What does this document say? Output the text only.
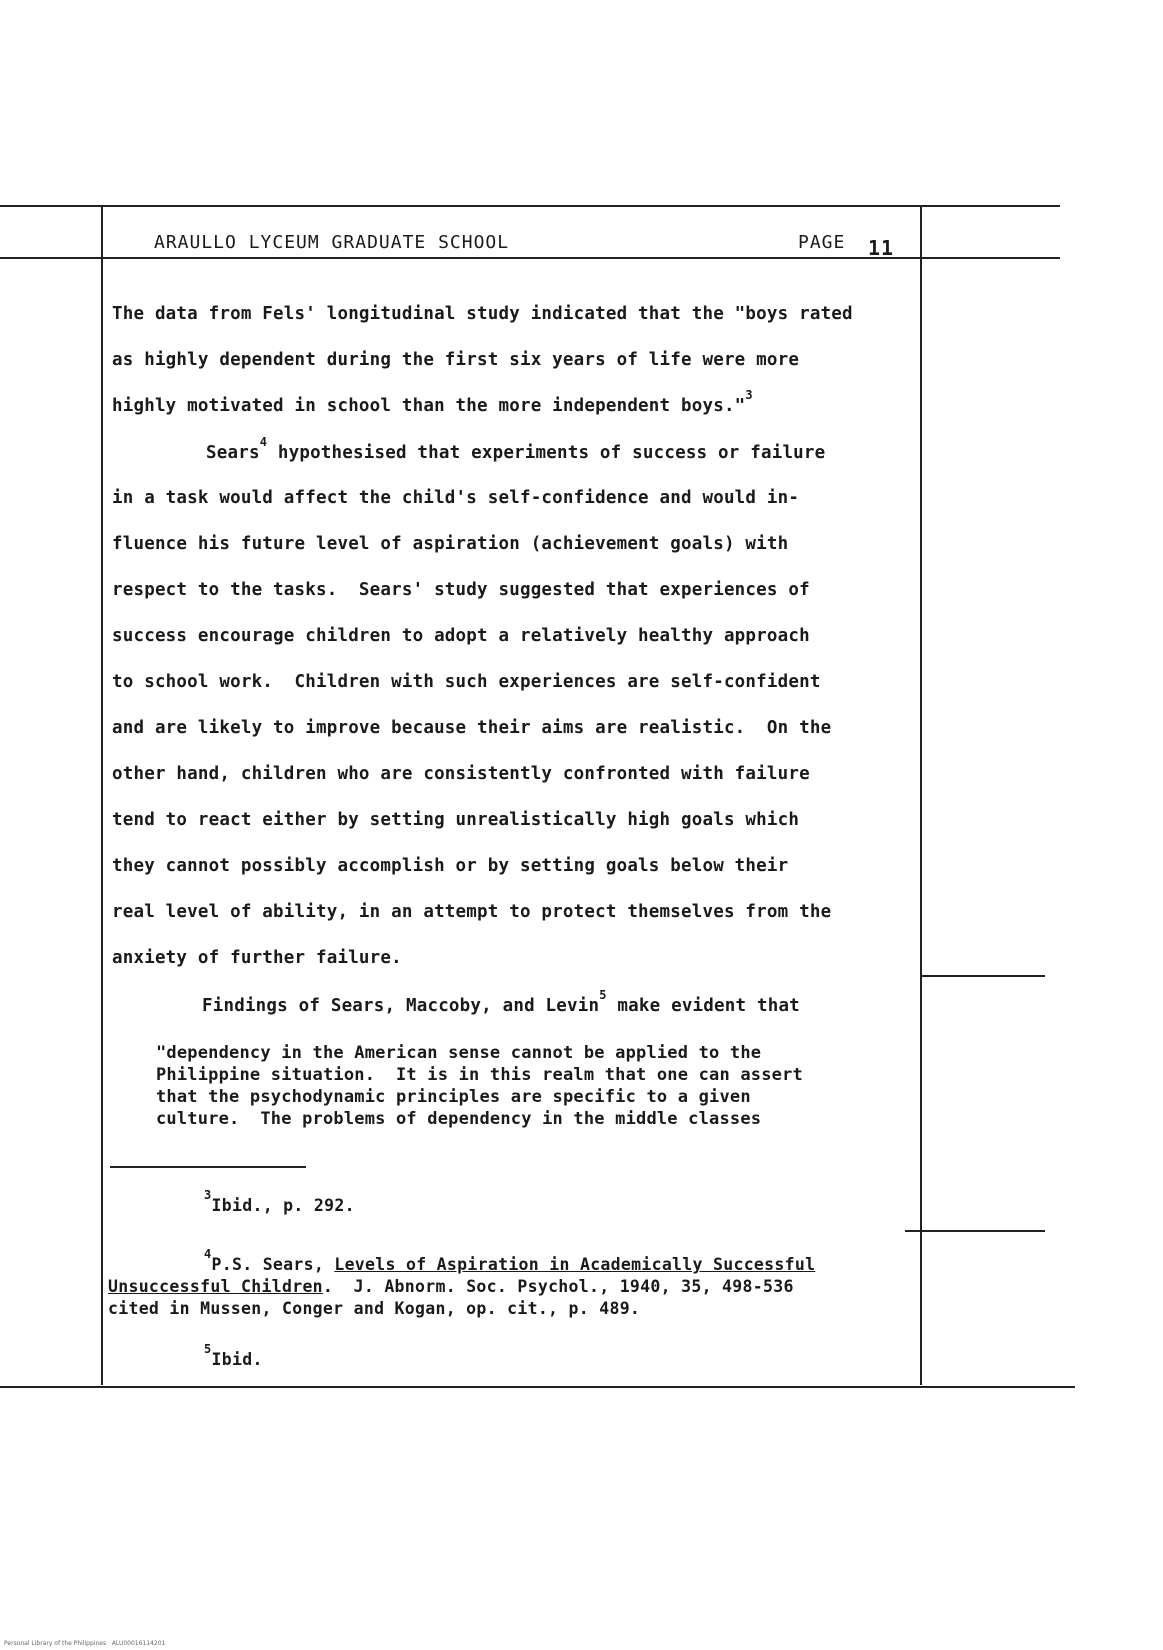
ARAULLO LYCEUM GRADUATE SCHOOL	PAGE 11
The data from Fels' longitudinal study indicated that the "boys rated
as highly dependent during the first six years of life were more
highly motivated in school than the more independent boys."$^3$
Sears$^4$ hypothesised that experiments of success or failure
in a task would affect the child's self-confidence and would in-
fluence his future level of aspiration (achievement goals) with
respect to the tasks.  Sears' study suggested that experiences of
success encourage children to adopt a relatively healthy approach
to school work.  Children with such experiences are self-confident
and are likely to improve because their aims are realistic.  On the
other hand, children who are consistently confronted with failure
tend to react either by setting unrealistically high goals which
they cannot possibly accomplish or by setting goals below their
real level of ability, in an attempt to protect themselves from the
anxiety of further failure.
Findings of Sears, Maccoby, and Levin$^5$ make evident that
"dependency in the American sense cannot be applied to the
Philippine situation.  It is in this realm that one can assert
that the psychodynamic principles are specific to a given
culture.  The problems of dependency in the middle classes
$^3$Ibid., p. 292.
$^4$P.S. Sears, Levels of Aspiration in Academically Successful
Unsuccessful Children.  J. Abnorm. Soc. Psychol., 1940, 35, 498-536
cited in Mussen, Conger and Kogan, op. cit., p. 489.
$^5$Ibid.
Personal Library of the Philippines   ALU00016114201
